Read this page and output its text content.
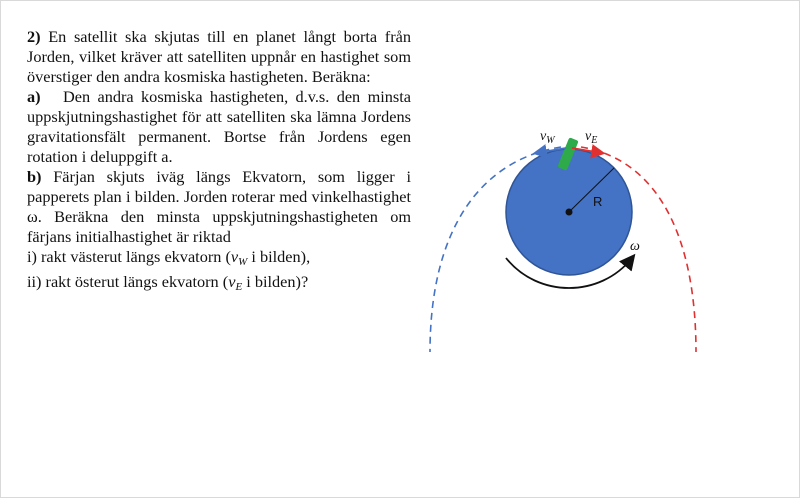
2) En satellit ska skjutas till en planet långt borta från Jorden, vilket kräver att satelliten uppnår en hastighet som överstiger den andra kosmiska hastigheten. Beräkna:

a) Den andra kosmiska hastigheten, d.v.s. den minsta uppskjutningshastighet för att satelliten ska lämna Jordens gravitationsfält permanent. Bortse från Jordens egen rotation i deluppgift a.

b) Färjan skjuts iväg längs Ekvatorn, som ligger i papperets plan i bilden. Jorden roterar med vinkelhastighet ω. Beräkna den minsta uppskjutningshastigheten om färjans initialhastighet är riktad

i) rakt västerut längs ekvatorn ($v_W$ i bilden),

ii) rakt österut längs ekvatorn ($v_E$ i bilden)?

R
$v_W$ $v_E$
ω
